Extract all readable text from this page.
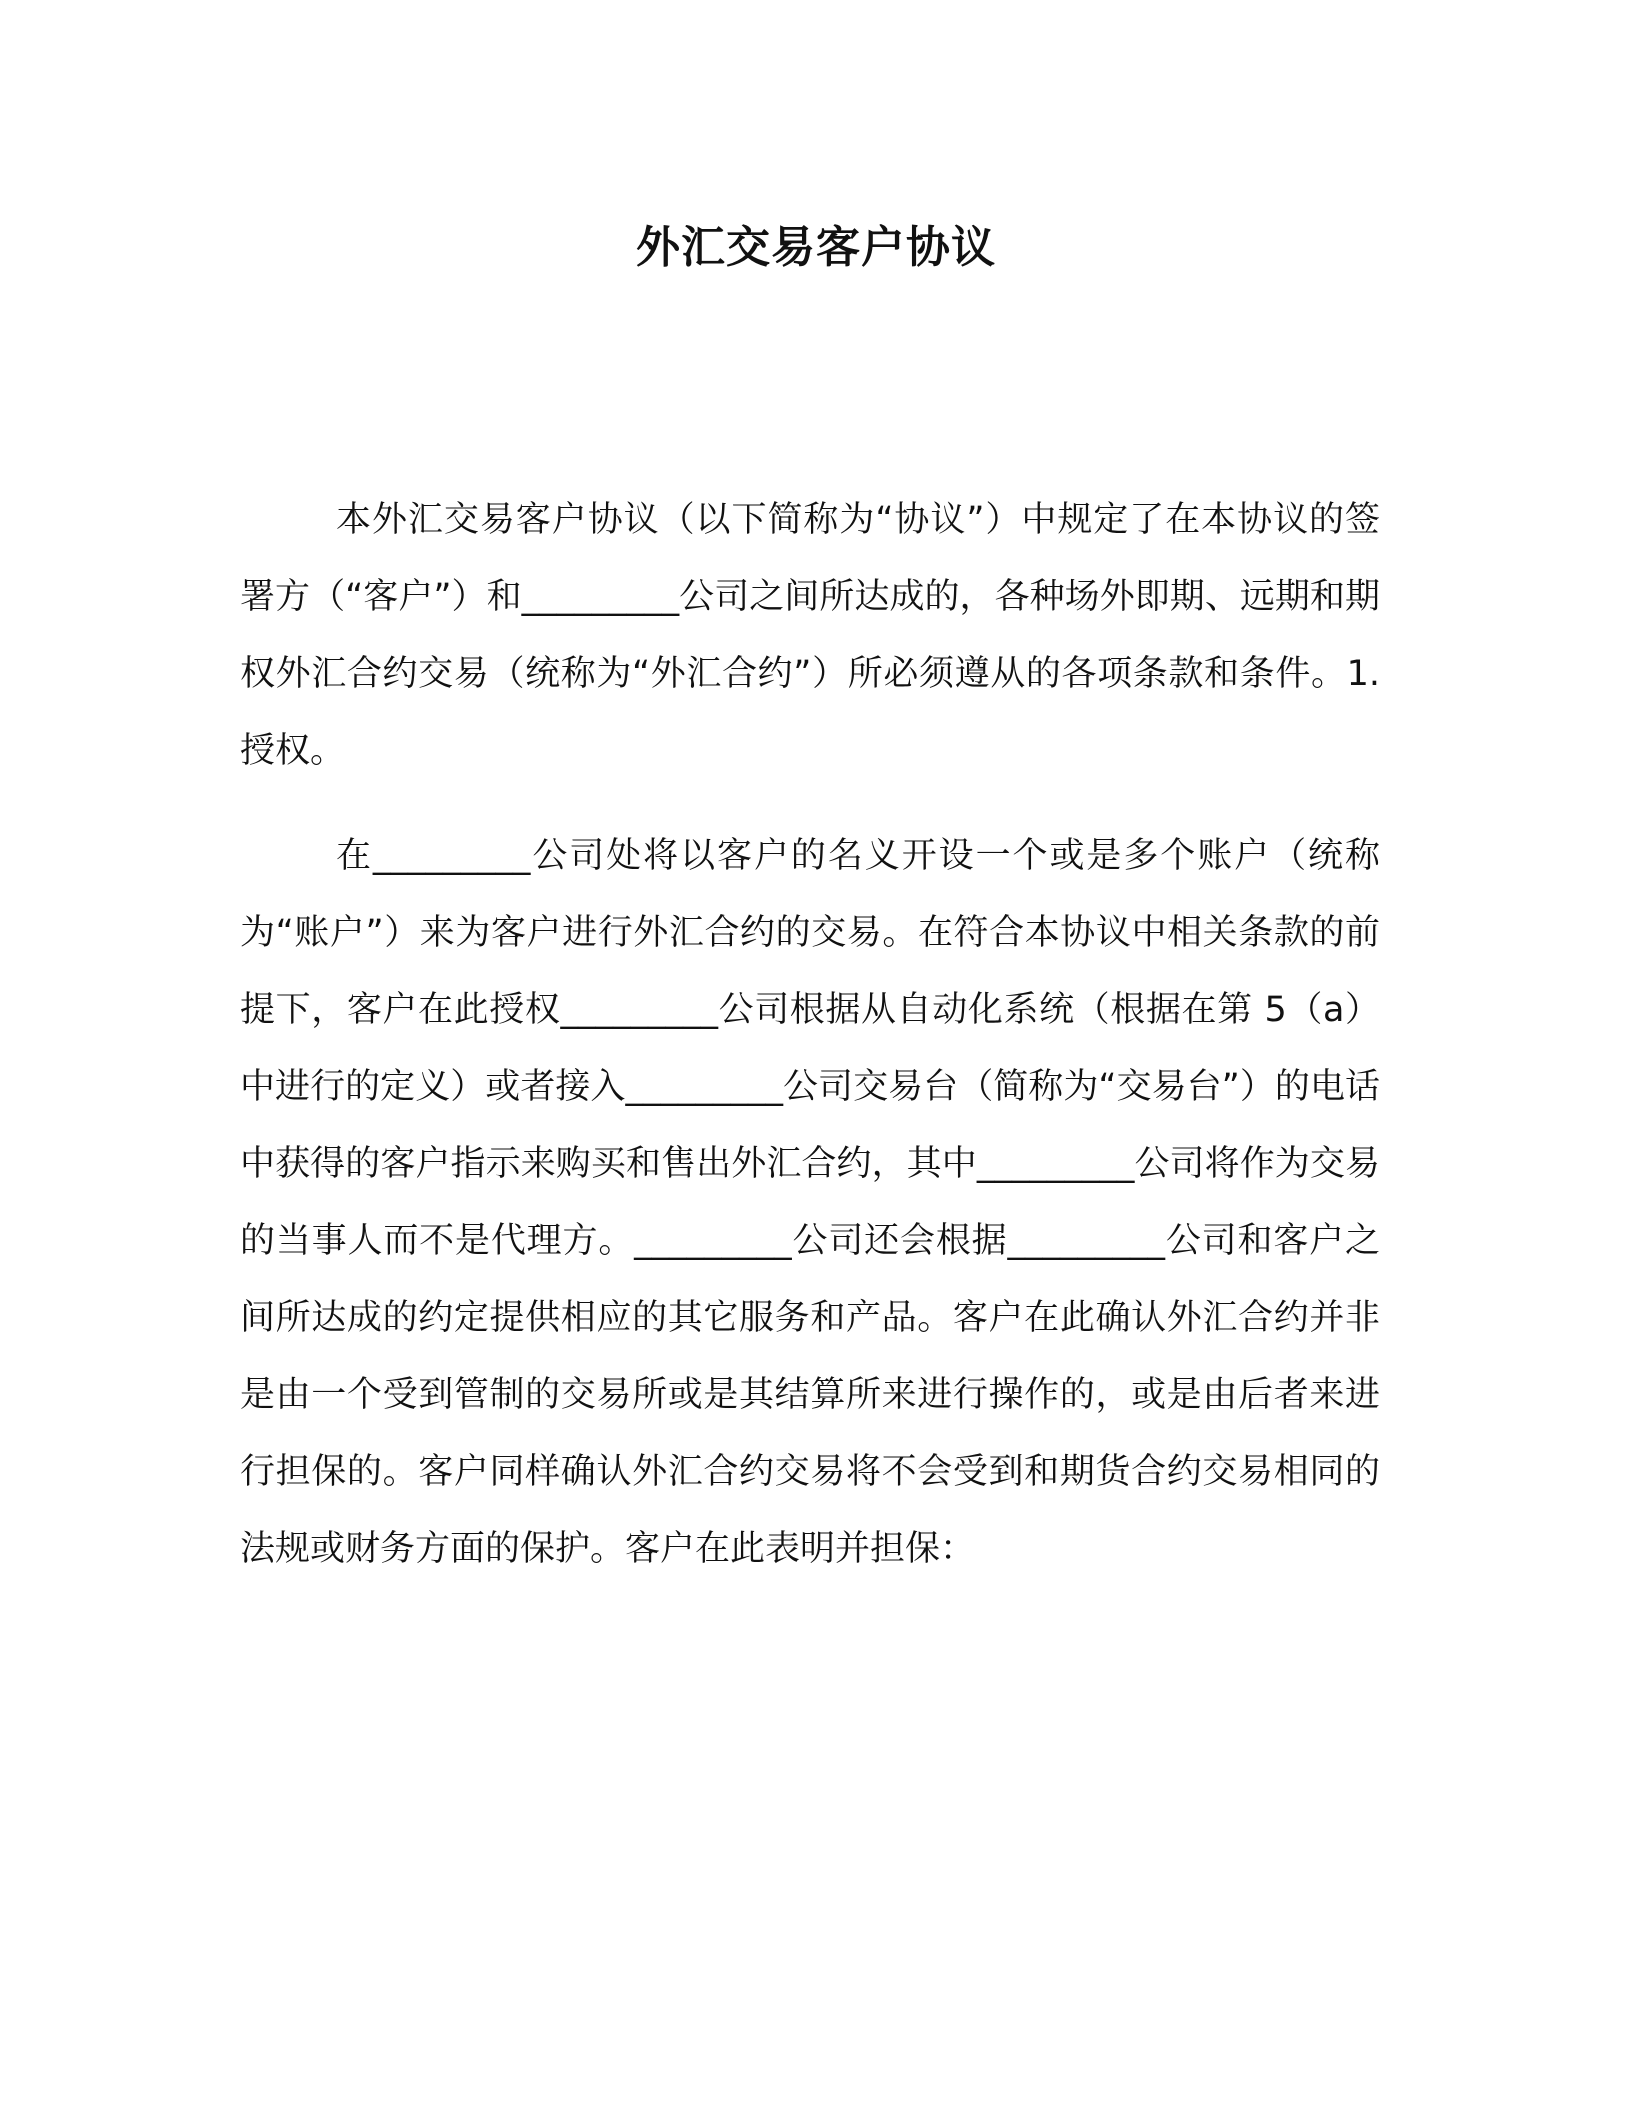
外汇交易客户协议

本外汇交易客户协议（以下简称为“协议”）中规定了在本协议的签署方（“客户”）和_________公司之间所达成的，各种场外即期、远期和期权外汇合约交易（统称为“外汇合约”）所必须遵从的各项条款和条件。1.授权。

在_________公司处将以客户的名义开设一个或是多个账户（统称为“账户”）来为客户进行外汇合约的交易。在符合本协议中相关条款的前提下，客户在此授权_________公司根据从自动化系统（根据在第 5（a）中进行的定义）或者接入_________公司交易台（简称为“交易台”）的电话中获得的客户指示来购买和售出外汇合约，其中_________公司将作为交易的当事人而不是代理方。_________公司还会根据_________公司和客户之间所达成的约定提供相应的其它服务和产品。客户在此确认外汇合约并非是由一个受到管制的交易所或是其结算所来进行操作的，或是由后者来进行担保的。客户同样确认外汇合约交易将不会受到和期货合约交易相同的法规或财务方面的保护。客户在此表明并担保：
